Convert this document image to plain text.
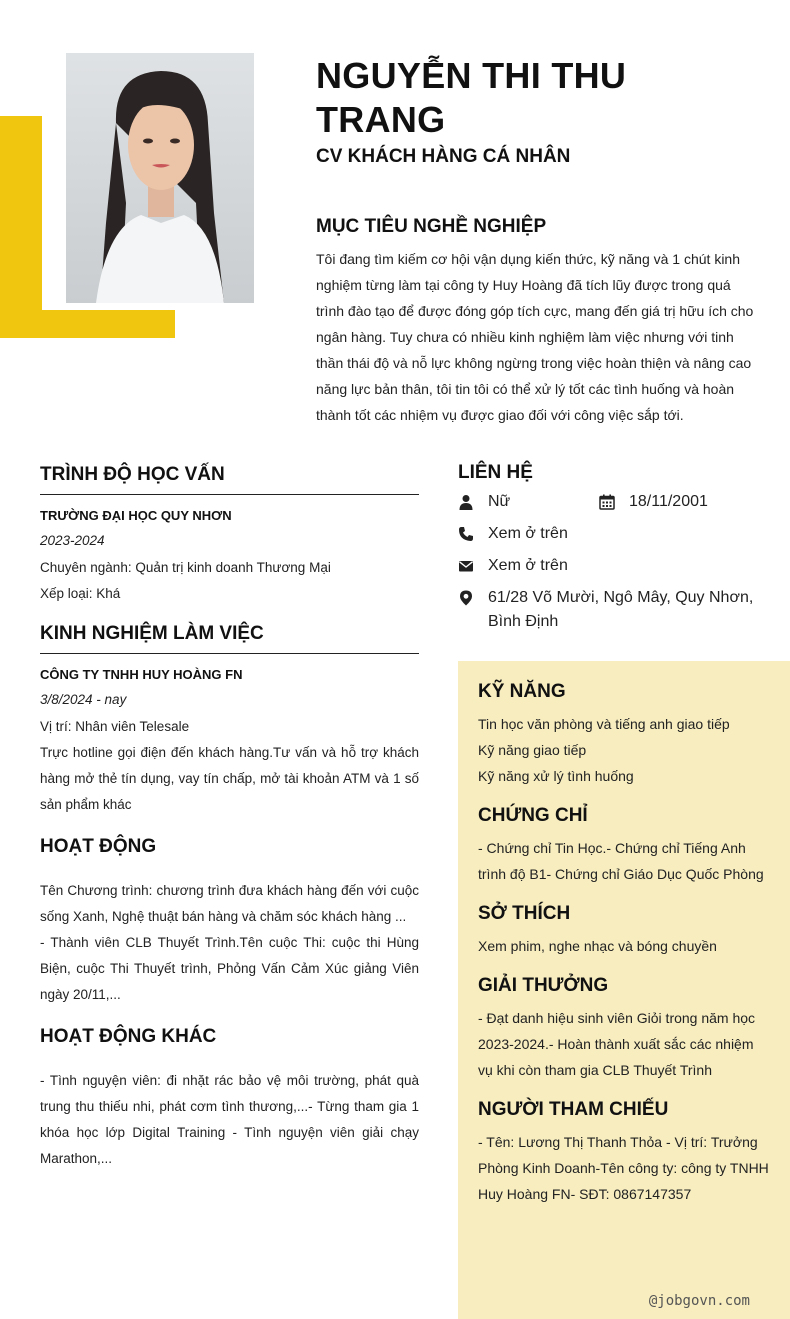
NGUYỄN THI THU TRANG
CV KHÁCH HÀNG CÁ NHÂN
MỤC TIÊU NGHỀ NGHIỆP
Tôi đang tìm kiếm cơ hội vận dụng kiến thức, kỹ năng và 1 chút kinh nghiệm từng làm tại công ty Huy Hoàng đã tích lũy được trong quá trình đào tạo để được đóng góp tích cực, mang đến giá trị hữu ích cho ngân hàng. Tuy chưa có nhiều kinh nghiệm làm việc nhưng với tinh thần thái độ và nỗ lực không ngừng trong việc hoàn thiện và nâng cao năng lực bản thân, tôi tin tôi có thể xử lý tốt các tình huống và hoàn thành tốt các nhiệm vụ được giao đối với công việc sắp tới.
TRÌNH ĐỘ HỌC VẤN
TRƯỜNG ĐẠI HỌC QUY NHƠN
2023-2024
Chuyên ngành: Quản trị kinh doanh Thương Mại
Xếp loại: Khá
KINH NGHIỆM LÀM VIỆC
CÔNG TY TNHH HUY HOÀNG FN
3/8/2024 - nay
Vị trí: Nhân viên Telesale
Trực hotline gọi điện đến khách hàng.Tư vấn và hỗ trợ khách hàng mở thẻ tín dụng, vay tín chấp, mở tài khoản ATM và 1 số sản phẩm khác
HOẠT ĐỘNG
Tên Chương trình: chương trình đưa khách hàng đến với cuộc sống Xanh, Nghệ thuật bán hàng và chăm sóc khách hàng ...
- Thành viên CLB Thuyết Trình.Tên cuộc Thi: cuộc thi Hùng Biện, cuộc Thi Thuyết trình, Phỏng Vấn Cảm Xúc giảng Viên ngày 20/11,...
HOẠT ĐỘNG KHÁC
- Tình nguyện viên: đi nhặt rác bảo vệ môi trường, phát quà trung thu thiếu nhi, phát cơm tình thương,...- Từng tham gia 1 khóa học lớp Digital Training - Tình nguyện viên giải chạy Marathon,...
LIÊN HỆ
Nữ	18/11/2001
Xem ở trên
Xem ở trên
61/28 Võ Mười, Ngô Mây, Quy Nhơn, Bình Định
KỸ NĂNG
Tin học văn phòng và tiếng anh giao tiếp
Kỹ năng giao tiếp
Kỹ năng xử lý tình huống
CHỨNG CHỈ
- Chứng chỉ Tin Học.- Chứng chỉ Tiếng Anh trình độ B1- Chứng chỉ Giáo Dục Quốc Phòng
SỞ THÍCH
Xem phim, nghe nhạc và bóng chuyền
GIẢI THƯỞNG
- Đạt danh hiệu sinh viên Giỏi trong năm học 2023-2024.- Hoàn thành xuất sắc các nhiệm vụ khi còn tham gia CLB Thuyết Trình
NGƯỜI THAM CHIẾU
- Tên: Lương Thị Thanh Thỏa - Vị trí: Trưởng Phòng Kinh Doanh-Tên công ty: công ty TNHH Huy Hoàng FN- SĐT: 0867147357
@jobgovn.com
